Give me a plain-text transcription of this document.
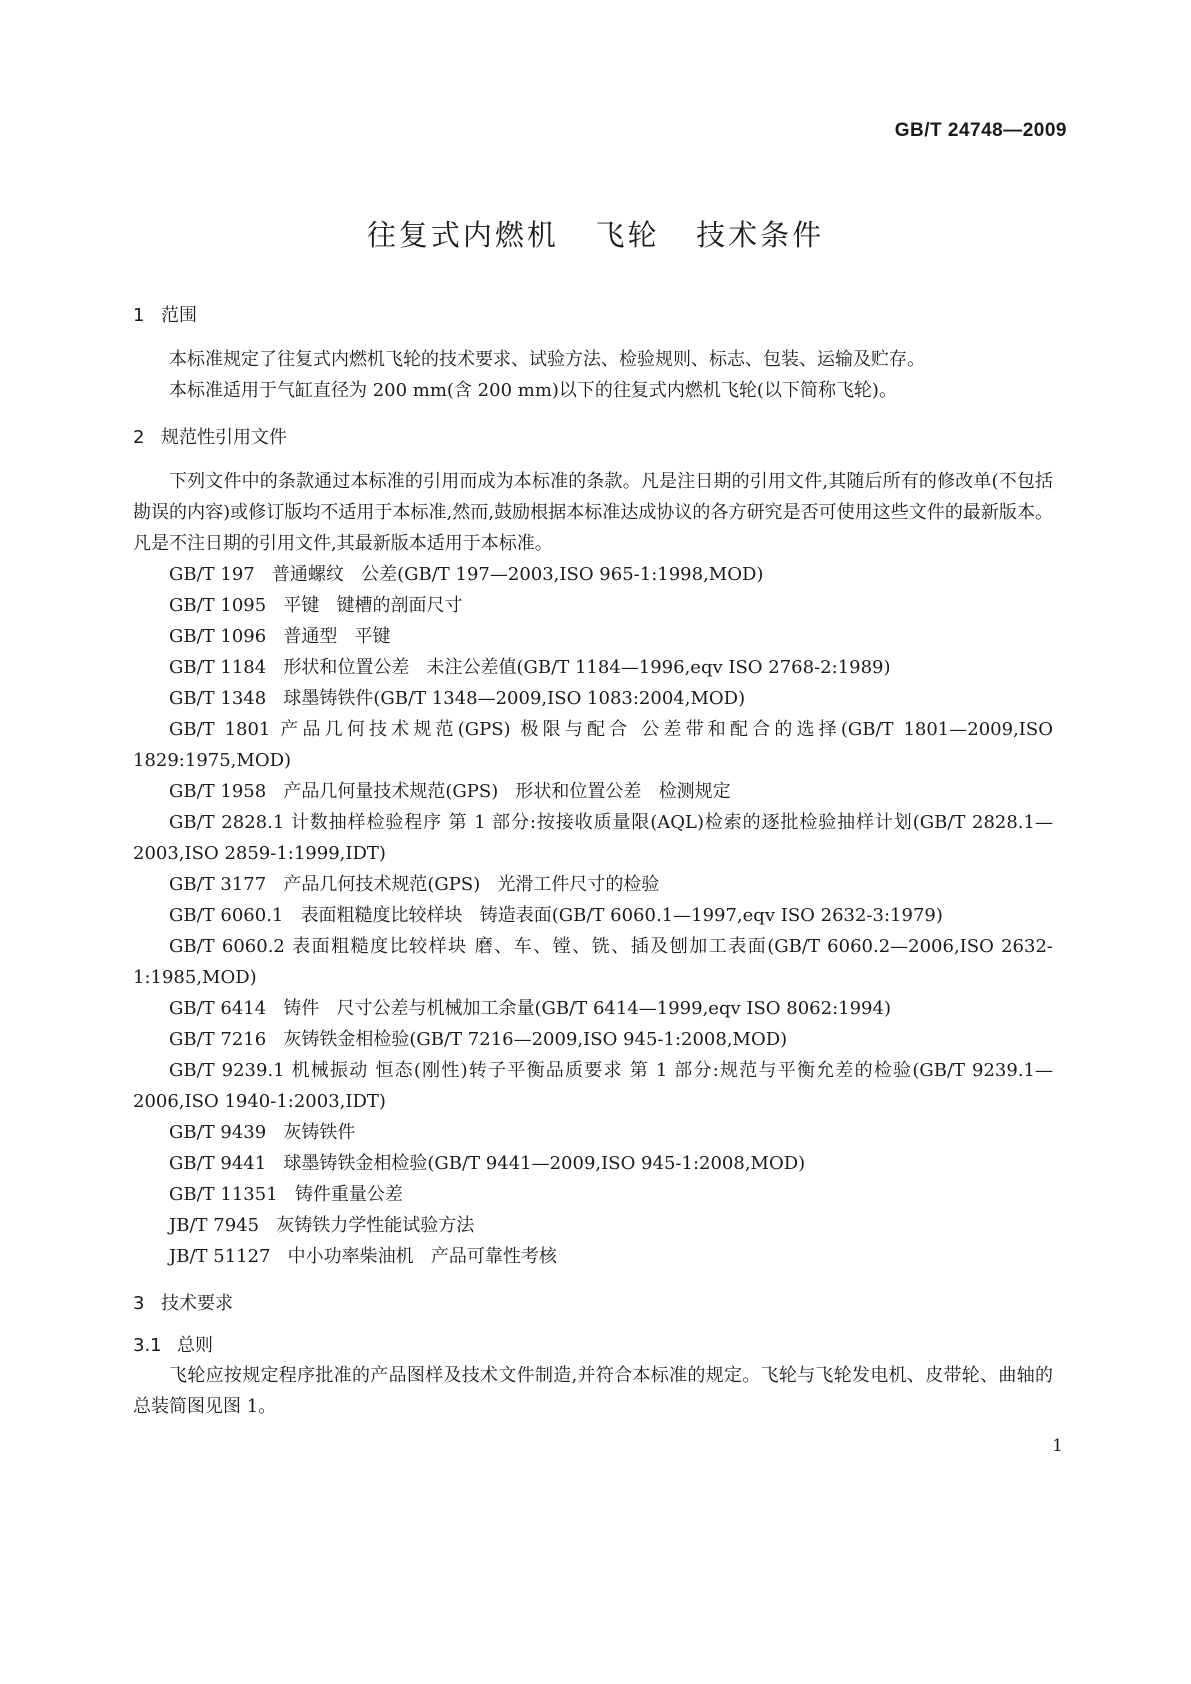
GB/T 24748—2009
往复式内燃机   飞轮   技术条件
1 范围

本标准规定了往复式内燃机飞轮的技术要求、试验方法、检验规则、标志、包装、运输及贮存。

本标准适用于气缸直径为 200 mm(含 200 mm)以下的往复式内燃机飞轮(以下简称飞轮)。

2 规范性引用文件

下列文件中的条款通过本标准的引用而成为本标准的条款。凡是注日期的引用文件,其随后所有的修改单(不包括勘误的内容)或修订版均不适用于本标准,然而,鼓励根据本标准达成协议的各方研究是否可使用这些文件的最新版本。凡是不注日期的引用文件,其最新版本适用于本标准。

GB/T 197   普通螺纹   公差(GB/T 197—2003,ISO 965-1:1998,MOD)

GB/T 1095   平键   键槽的剖面尺寸

GB/T 1096   普通型   平键

GB/T 1184   形状和位置公差   未注公差值(GB/T 1184—1996,eqv ISO 2768-2:1989)

GB/T 1348   球墨铸铁件(GB/T 1348—2009,ISO 1083:2004,MOD)

GB/T 1801 产品几何技术规范(GPS) 极限与配合 公差带和配合的选择(GB/T 1801—2009,ISO 1829:1975,MOD)

GB/T 1958   产品几何量技术规范(GPS)   形状和位置公差   检测规定

GB/T 2828.1 计数抽样检验程序 第 1 部分:按接收质量限(AQL)检索的逐批检验抽样计划(GB/T 2828.1—2003,ISO 2859-1:1999,IDT)

GB/T 3177   产品几何技术规范(GPS)   光滑工件尺寸的检验

GB/T 6060.1   表面粗糙度比较样块   铸造表面(GB/T 6060.1—1997,eqv ISO 2632-3:1979)

GB/T 6060.2 表面粗糙度比较样块 磨、车、镗、铣、插及刨加工表面(GB/T 6060.2—2006,ISO 2632-1:1985,MOD)

GB/T 6414   铸件   尺寸公差与机械加工余量(GB/T 6414—1999,eqv ISO 8062:1994)

GB/T 7216   灰铸铁金相检验(GB/T 7216—2009,ISO 945-1:2008,MOD)

GB/T 9239.1 机械振动 恒态(刚性)转子平衡品质要求 第 1 部分:规范与平衡允差的检验(GB/T 9239.1—2006,ISO 1940-1:2003,IDT)

GB/T 9439   灰铸铁件

GB/T 9441   球墨铸铁金相检验(GB/T 9441—2009,ISO 945-1:2008,MOD)

GB/T 11351   铸件重量公差

JB/T 7945   灰铸铁力学性能试验方法

JB/T 51127   中小功率柴油机   产品可靠性考核

3 技术要求
3.1 总则

飞轮应按规定程序批准的产品图样及技术文件制造,并符合本标准的规定。飞轮与飞轮发电机、皮带轮、曲轴的总装简图见图 1。

1
